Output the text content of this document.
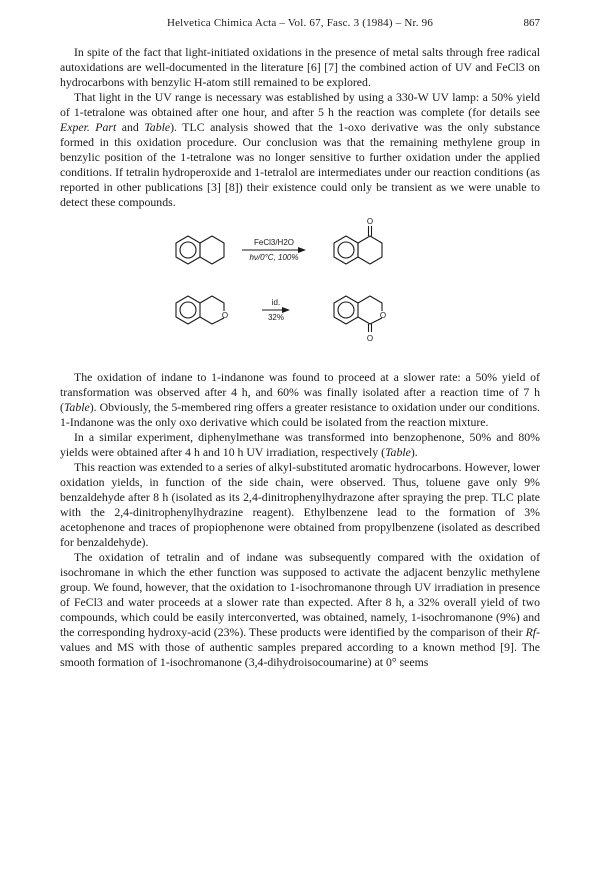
Helvetica Chimica Acta – Vol. 67, Fasc. 3 (1984) – Nr. 96	867

In spite of the fact that light-initiated oxidations in the presence of metal salts through free radical autoxidations are well-documented in the literature [6] [7] the combined action of UV and FeCl3 on hydrocarbons with benzylic H-atom still remained to be explored.

That light in the UV range is necessary was established by using a 330-W UV lamp: a 50% yield of 1-tetralone was obtained after one hour, and after 5 h the reaction was complete (for details see Exper. Part and Table). TLC analysis showed that the 1-oxo derivative was the only substance formed in this oxidation procedure. Our conclusion was that the remaining methylene group in benzylic position of the 1-tetralone was no longer sensitive to further oxidation under the applied conditions. If tetralin hydroperoxide and 1-tetralol are intermediates under our reaction conditions (as reported in other publications [3] [8]) their existence could only be transient as we were unable to detect these compounds.

FeCl3/H2O
hν/0°C, 100%
O
id.
32%
O	O
O

The oxidation of indane to 1-indanone was found to proceed at a slower rate: a 50% yield of transformation was observed after 4 h, and 60% was finally isolated after a reaction time of 7 h (Table). Obviously, the 5-membered ring offers a greater resistance to oxidation under our conditions. 1-Indanone was the only oxo derivative which could be isolated from the reaction mixture.

In a similar experiment, diphenylmethane was transformed into benzophenone, 50% and 80% yields were obtained after 4 h and 10 h UV irradiation, respectively (Table).

This reaction was extended to a series of alkyl-substituted aromatic hydrocarbons. However, lower oxidation yields, in function of the side chain, were observed. Thus, toluene gave only 9% benzaldehyde after 8 h (isolated as its 2,4-dinitrophenylhydrazone after spraying the prep. TLC plate with the 2,4-dinitrophenylhydrazine reagent). Ethylbenzene lead to the formation of 3% acetophenone and traces of propiophenone were obtained from propylbenzene (isolated as described for benzaldehyde).

The oxidation of tetralin and of indane was subsequently compared with the oxidation of isochromane in which the ether function was supposed to activate the adjacent benzylic methylene group. We found, however, that the oxidation to 1-isochromanone through UV irradiation in presence of FeCl3 and water proceeds at a slower rate than expected. After 8 h, a 32% overall yield of two compounds, which could be easily interconverted, was obtained, namely, 1-isochromanone (9%) and the corresponding hydroxy-acid (23%). These products were identified by the comparison of their Rf-values and MS with those of authentic samples prepared according to a known method [9]. The smooth formation of 1-isochromanone (3,4-dihydroisocoumarine) at 0° seems
